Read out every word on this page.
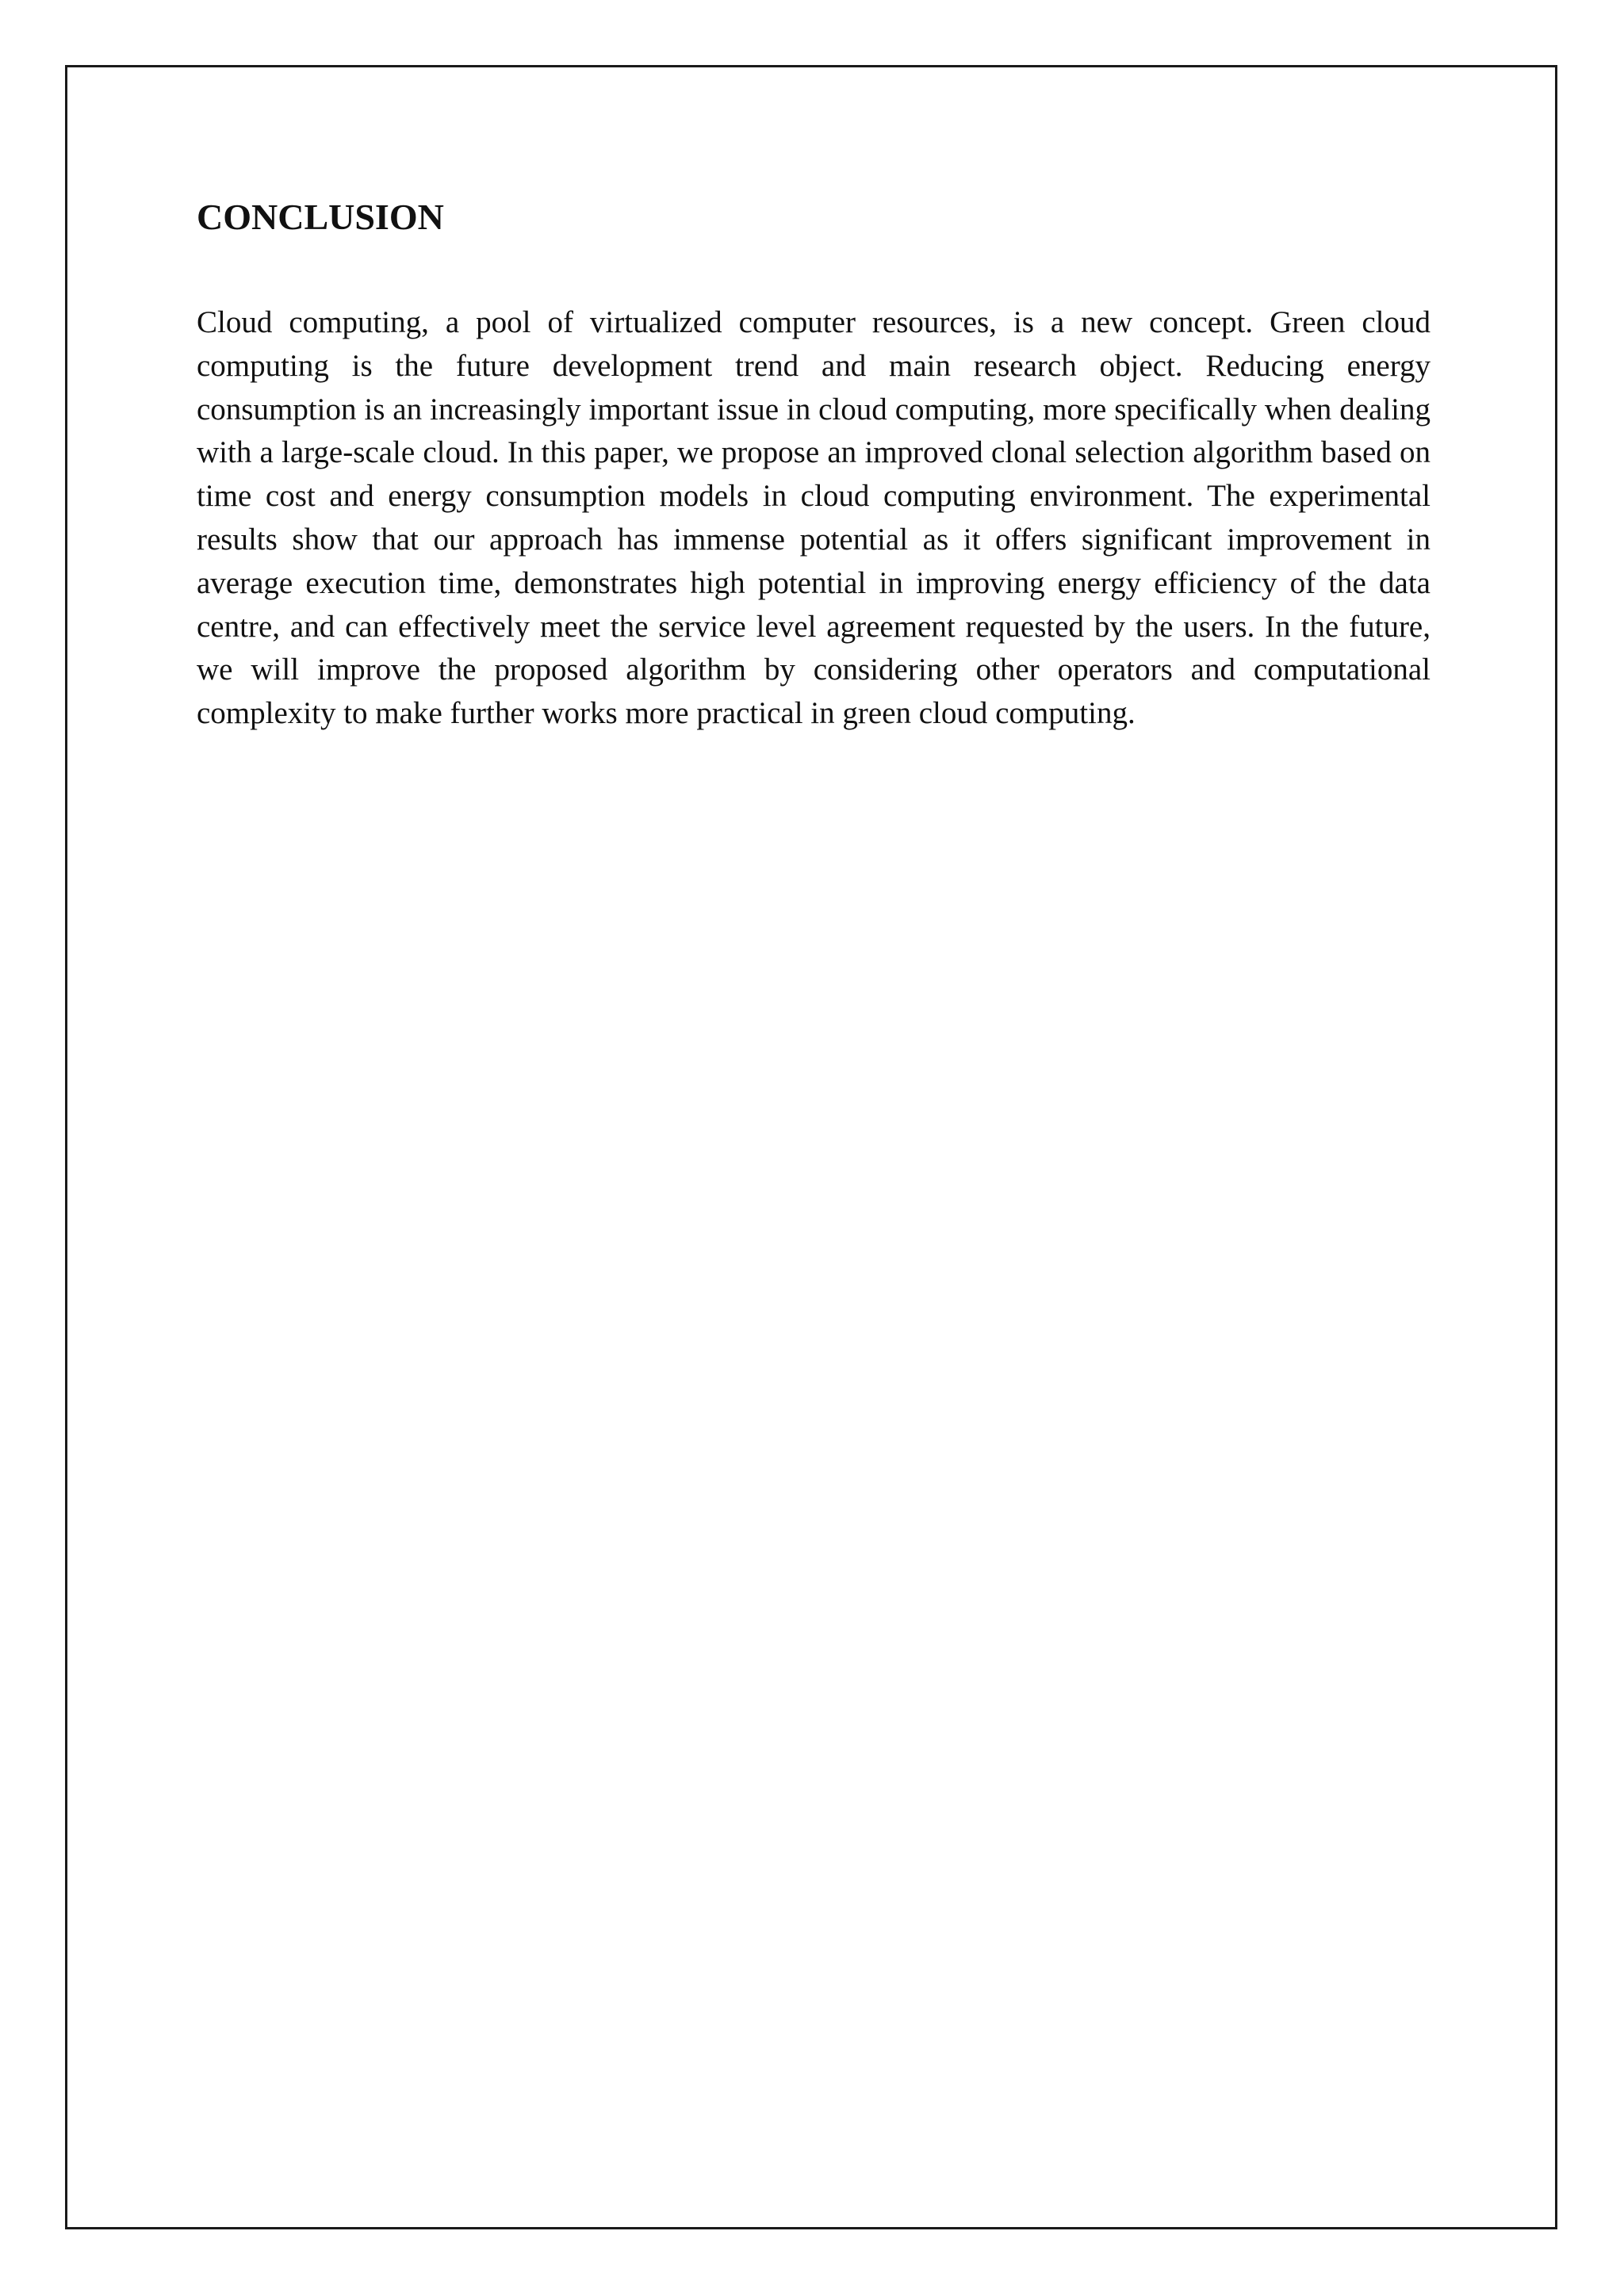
CONCLUSION

Cloud computing, a pool of virtualized computer resources, is a new concept. Green cloud computing is the future development trend and main research object. Reducing energy consumption is an increasingly important issue in cloud computing, more specifically when dealing with a large-scale cloud. In this paper, we propose an improved clonal selection algorithm based on time cost and energy consumption models in cloud computing environment. The experimental results show that our approach has immense potential as it offers significant improvement in average execution time, demonstrates high potential in improving energy efficiency of the data centre, and can effectively meet the service level agreement requested by the users. In the future, we will improve the proposed algorithm by considering other operators and computational complexity to make further works more practical in green cloud computing.
